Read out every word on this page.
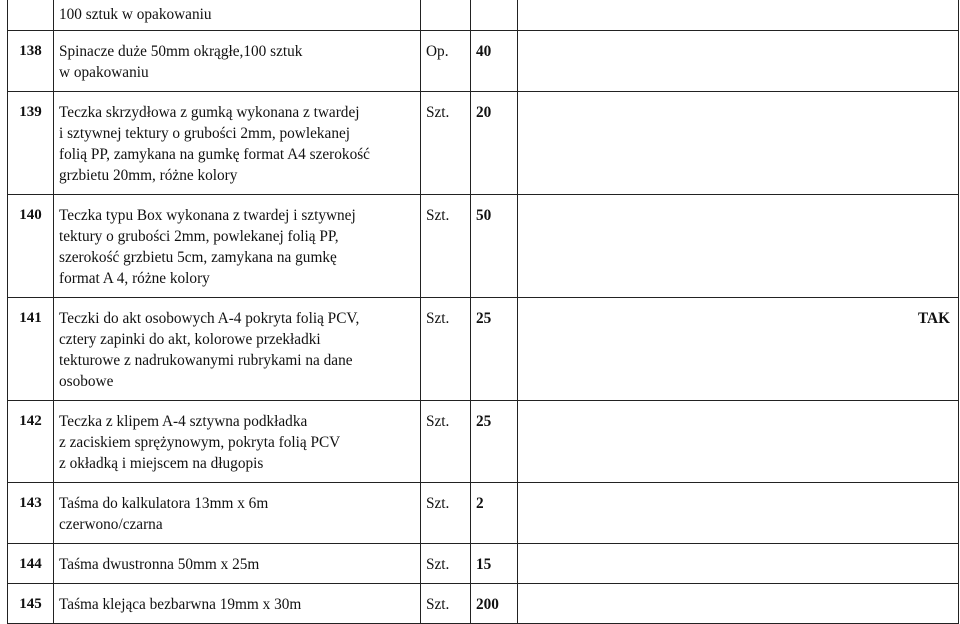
	100 sztuk w opakowaniu			

138	Spinacze duże 50mm okrągłe,100 sztuk
w opakowaniu	Op.	40	
139	Teczka skrzydłowa z gumką wykonana z twardej
i sztywnej tektury o grubości 2mm, powlekanej
folią PP, zamykana na gumkę format A4 szerokość
grzbietu 20mm, różne kolory	Szt.	20	
140	Teczka typu Box wykonana z twardej i sztywnej
tektury o grubości 2mm, powlekanej folią PP,
szerokość grzbietu 5cm, zamykana na gumkę
format A 4, różne kolory	Szt.	50	
141	Teczki do akt osobowych A-4 pokryta folią PCV,
cztery zapinki do akt, kolorowe przekładki
tekturowe z nadrukowanymi rubrykami na dane
osobowe	Szt.	25	TAK
142	Teczka z klipem A-4 sztywna podkładka
z zaciskiem sprężynowym, pokryta folią PCV
z okładką i miejscem na długopis	Szt.	25	
143	Taśma do kalkulatora 13mm x 6m
czerwono/czarna	Szt.	2	
144	Taśma dwustronna 50mm x 25m	Szt.	15	
145	Taśma klejąca bezbarwna 19mm x 30m	Szt.	200	
